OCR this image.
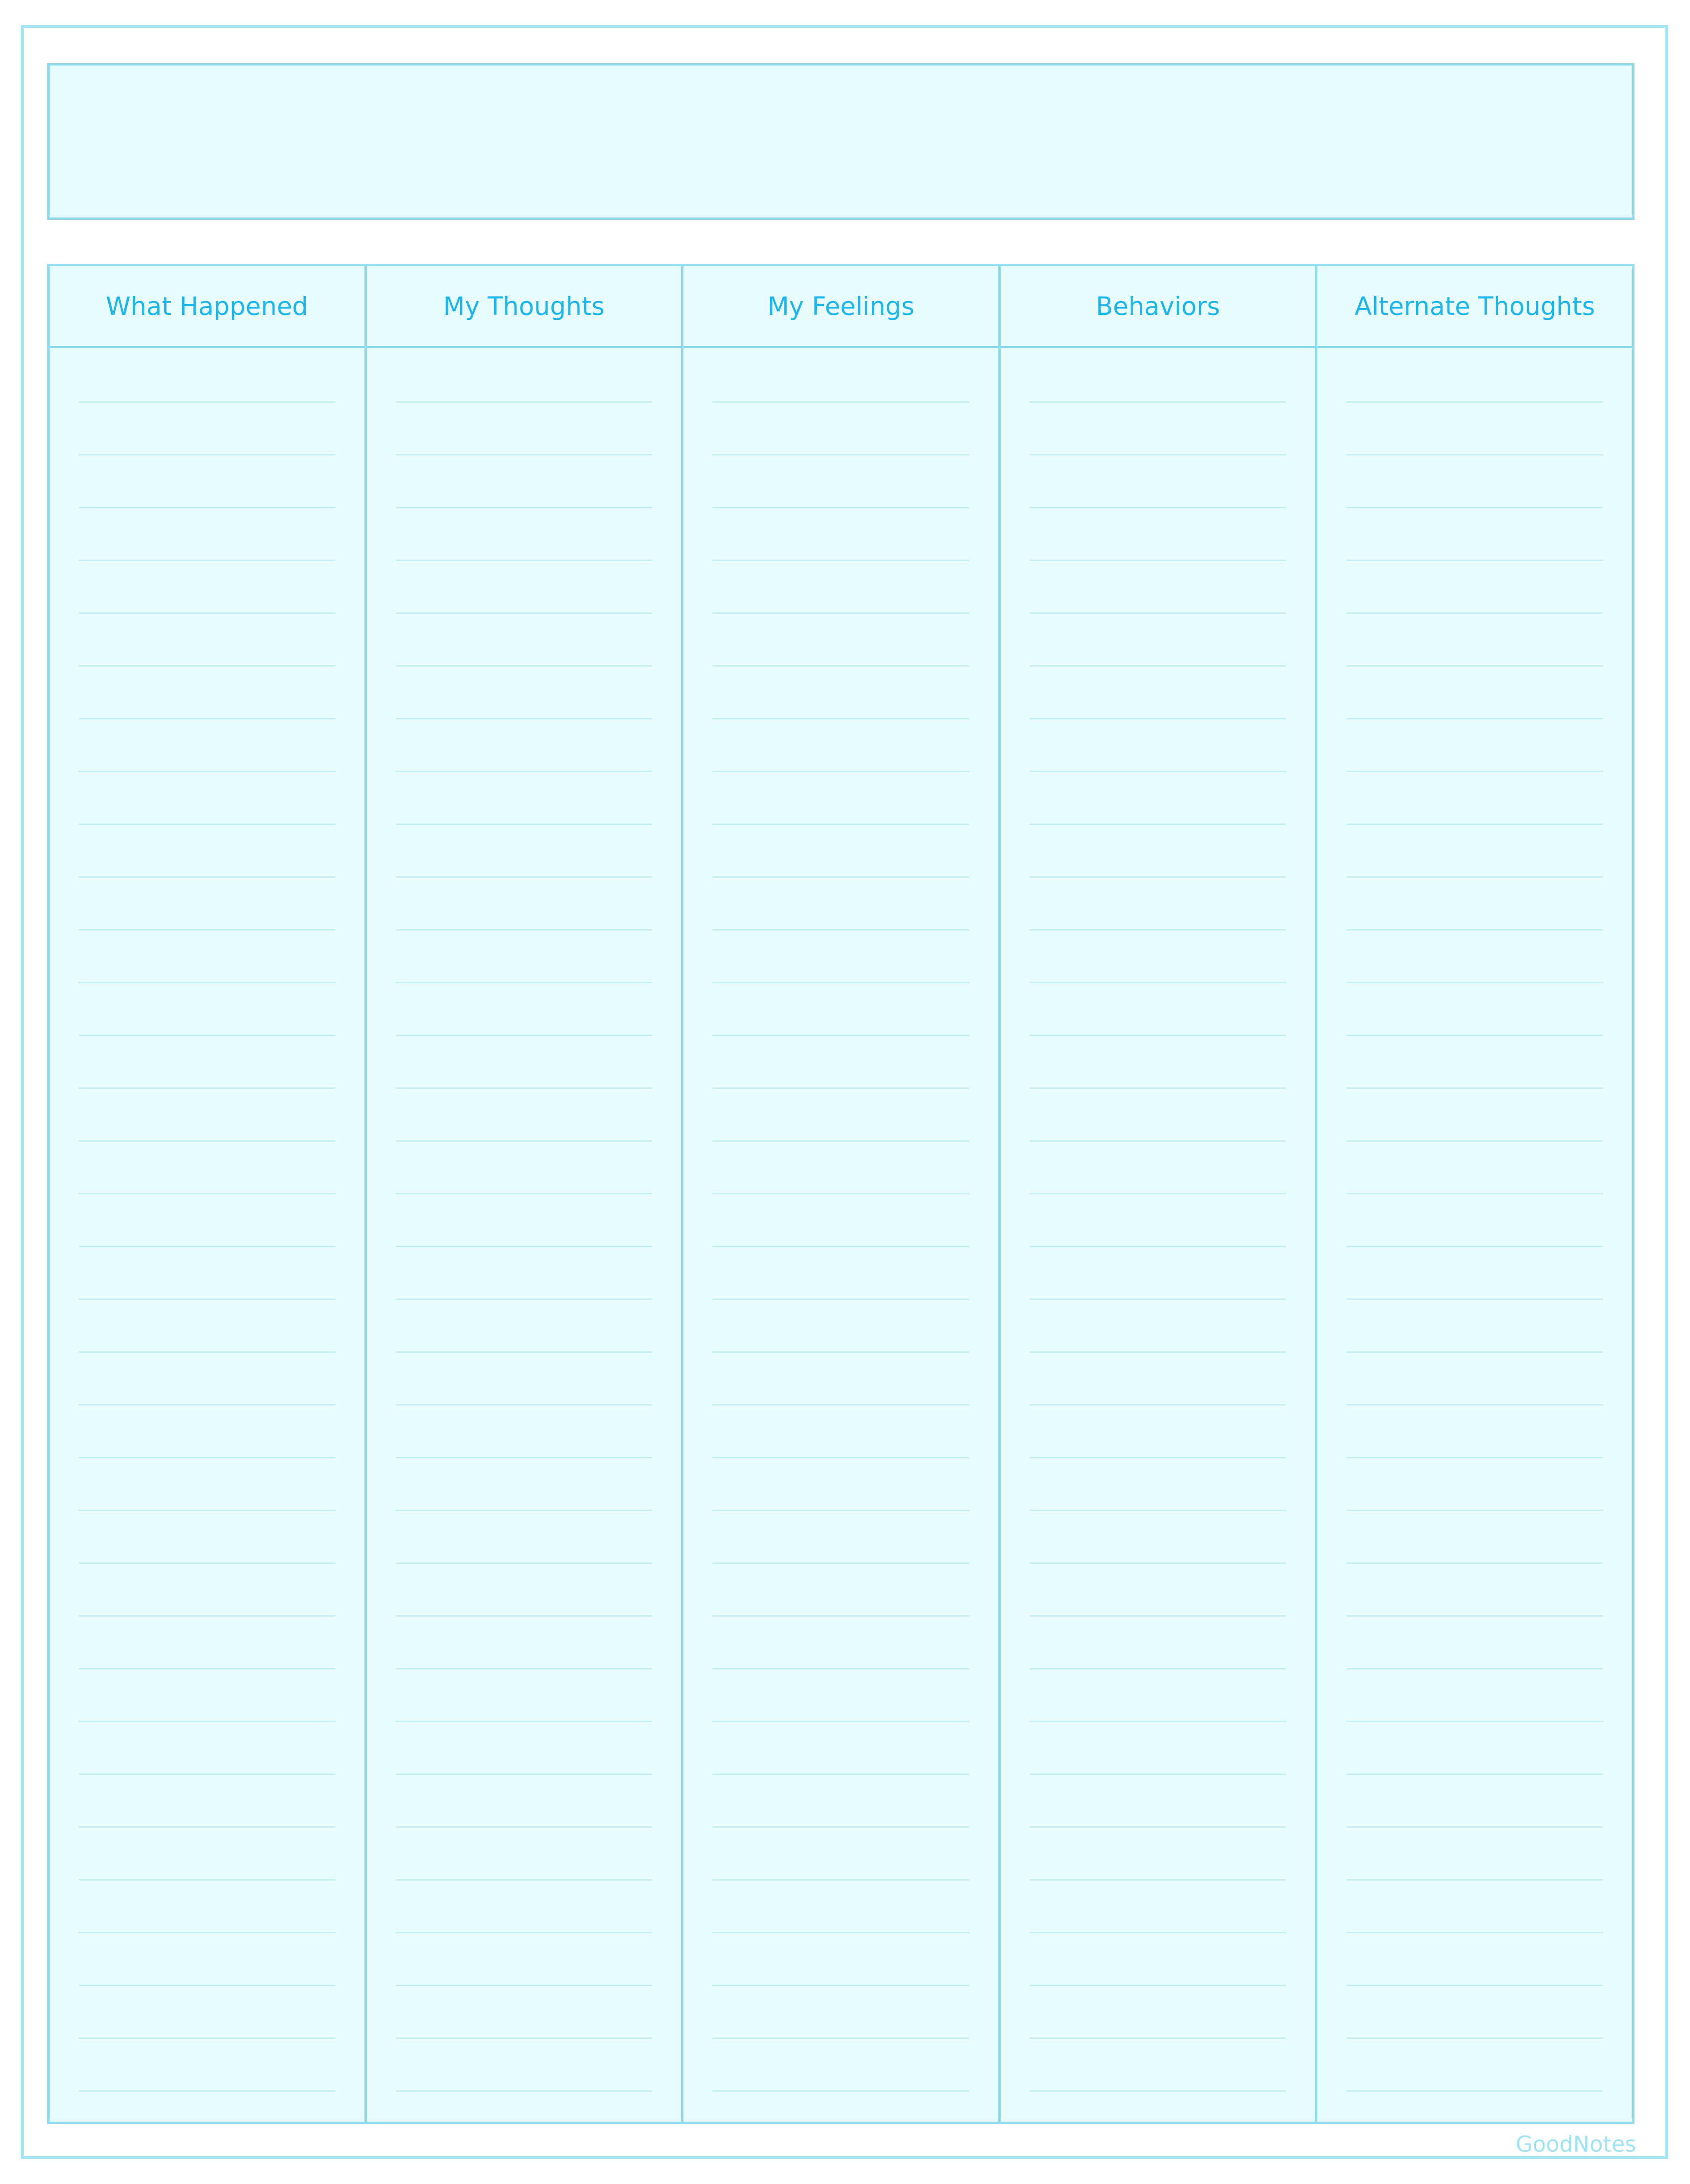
What Happened	My Thoughts	My Feelings	Behaviors	Alternate Thoughts
GoodNotes
